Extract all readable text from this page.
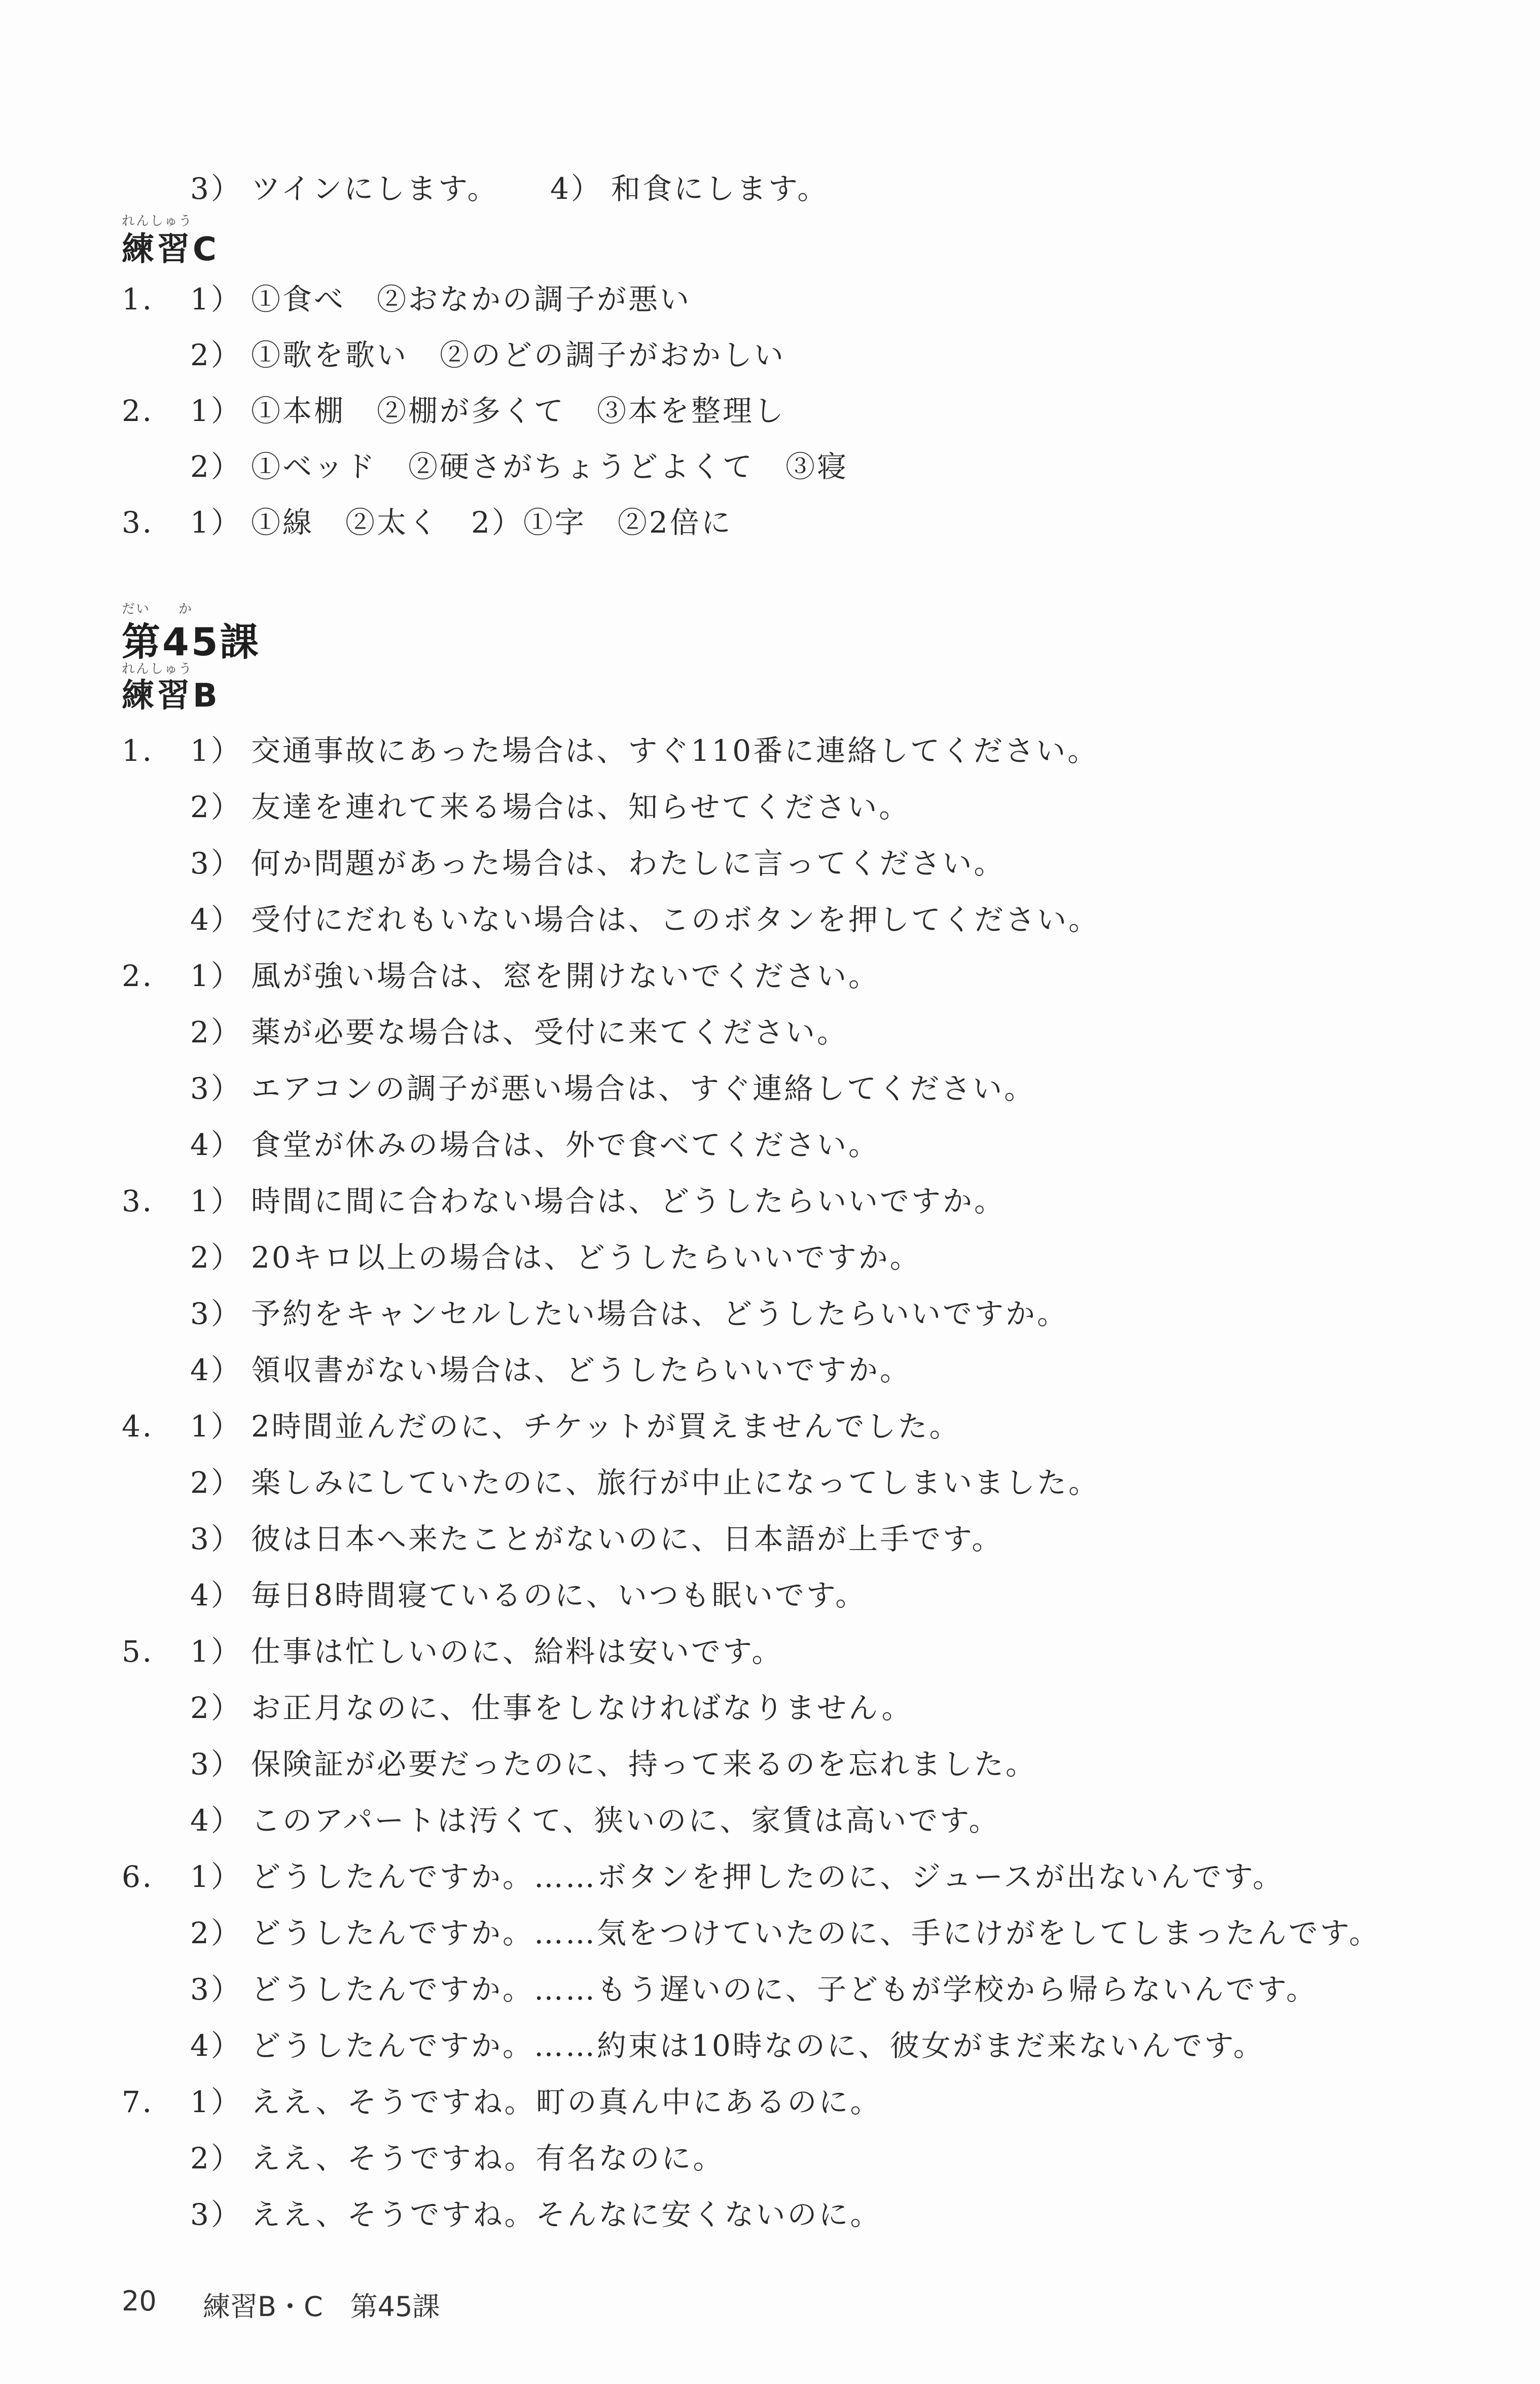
3） ツインにします。 4） 和食にします。
れんしゅう
練習C
1． 1） ①食べ　②おなかの調子が悪い
2） ①歌を歌い　②のどの調子がおかしい
2． 1） ①本棚　②棚が多くて　③本を整理し
2） ①ベッド　②硬さがちょうどよくて　③寝
3． 1） ①線　②太く　2）①字　②2倍に
だい　　か
第45課
れんしゅう
練習B
1． 1） 交通事故にあった場合は、すぐ110番に連絡してください。
2） 友達を連れて来る場合は、知らせてください。
3） 何か問題があった場合は、わたしに言ってください。
4） 受付にだれもいない場合は、このボタンを押してください。
2． 1） 風が強い場合は、窓を開けないでください。
2） 薬が必要な場合は、受付に来てください。
3） エアコンの調子が悪い場合は、すぐ連絡してください。
4） 食堂が休みの場合は、外で食べてください。
3． 1） 時間に間に合わない場合は、どうしたらいいですか。
2） 20キロ以上の場合は、どうしたらいいですか。
3） 予約をキャンセルしたい場合は、どうしたらいいですか。
4） 領収書がない場合は、どうしたらいいですか。
4． 1） 2時間並んだのに、チケットが買えませんでした。
2） 楽しみにしていたのに、旅行が中止になってしまいました。
3） 彼は日本へ来たことがないのに、日本語が上手です。
4） 毎日8時間寝ているのに、いつも眠いです。
5． 1） 仕事は忙しいのに、給料は安いです。
2） お正月なのに、仕事をしなければなりません。
3） 保険証が必要だったのに、持って来るのを忘れました。
4） このアパートは汚くて、狭いのに、家賃は高いです。
6． 1） どうしたんですか。……ボタンを押したのに、ジュースが出ないんです。
2） どうしたんですか。……気をつけていたのに、手にけがをしてしまったんです。
3） どうしたんですか。……もう遅いのに、子どもが学校から帰らないんです。
4） どうしたんですか。……約束は10時なのに、彼女がまだ来ないんです。
7． 1） ええ、そうですね。町の真ん中にあるのに。
2） ええ、そうですね。有名なのに。
3） ええ、そうですね。そんなに安くないのに。
20 練習B・C　第45課
